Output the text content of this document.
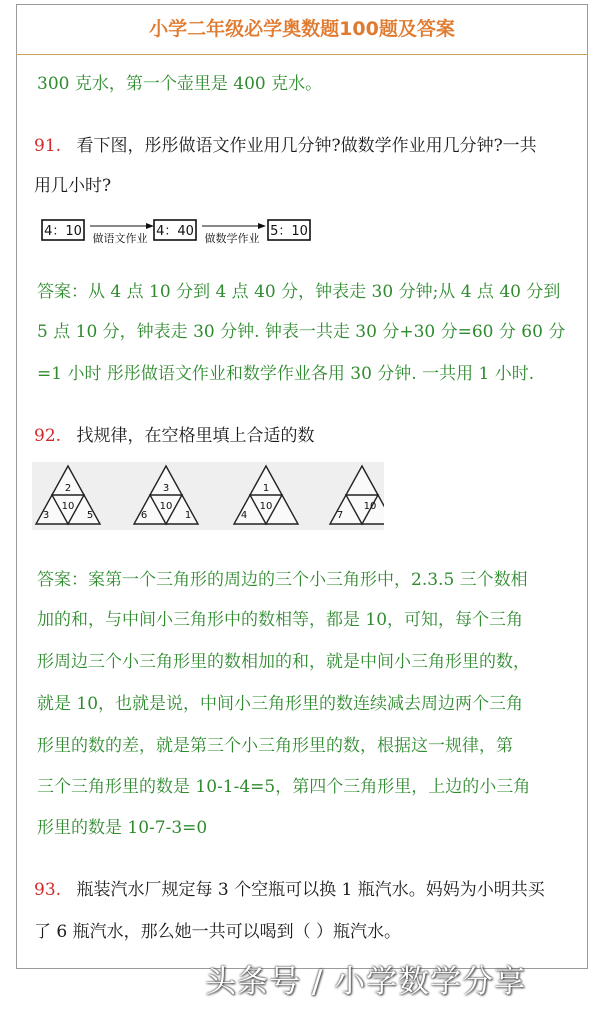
小学二年级必学奥数题100题及答案
300 克水，第一个壶里是 400 克水。
91. 看下图，彤彤做语文作业用几分钟?做数学作业用几分钟?一共
用几小时?
4：10 做语文作业 4：40 做数学作业 5：10
答案：从 4 点 10 分到 4 点 40 分，钟表走 30 分钟;从 4 点 40 分到
5 点 10 分，钟表走 30 分钟. 钟表一共走 30 分+30 分=60 分 60 分
=1 小时 彤彤做语文作业和数学作业各用 30 分钟. 一共用 1 小时.
92. 找规律，在空格里填上合适的数
2
10
3	5
3
10
6	1
1
10
4
10
7
答案：案第一个三角形的周边的三个小三角形中，2.3.5 三个数相
加的和，与中间小三角形中的数相等，都是 10，可知，每个三角
形周边三个小三角形里的数相加的和，就是中间小三角形里的数，
就是 10，也就是说，中间小三角形里的数连续减去周边两个三角
形里的数的差，就是第三个小三角形里的数，根据这一规律，第
三个三角形里的数是 10-1-4=5，第四个三角形里，上边的小三角
形里的数是 10-7-3=0
93. 瓶装汽水厂规定每 3 个空瓶可以换 1 瓶汽水。妈妈为小明共买
了 6 瓶汽水，那么她一共可以喝到（ ）瓶汽水。
头条号 / 小学数学分享
